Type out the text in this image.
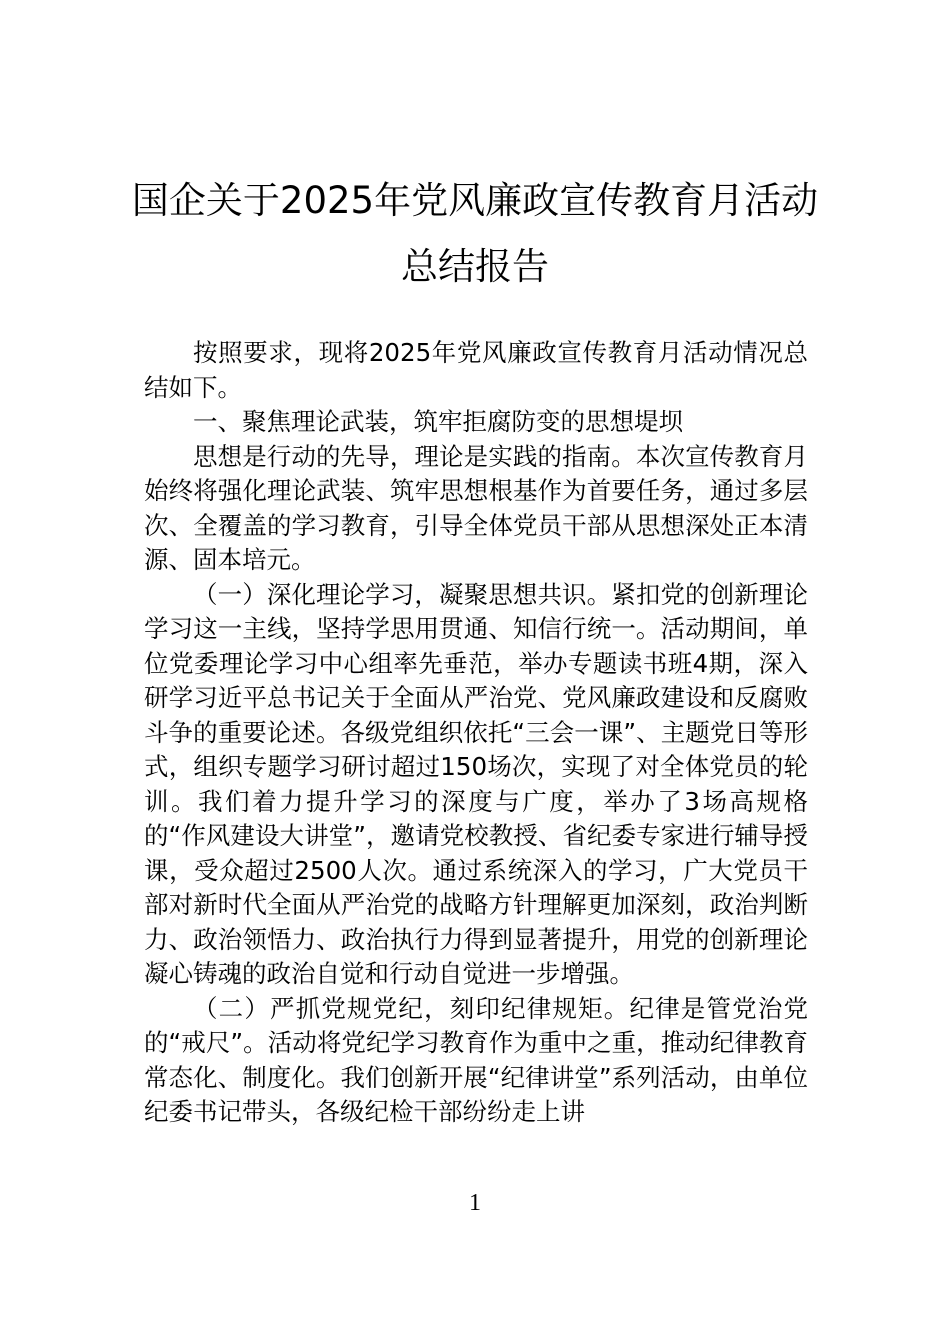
国企关于2025年党风廉政宣传教育月活动
总结报告

按照要求，现将2025年党风廉政宣传教育月活动情况总结如下。

一、聚焦理论武装，筑牢拒腐防变的思想堤坝

思想是行动的先导，理论是实践的指南。本次宣传教育月始终将强化理论武装、筑牢思想根基作为首要任务，通过多层次、全覆盖的学习教育，引导全体党员干部从思想深处正本清源、固本培元。

（一）深化理论学习，凝聚思想共识。紧扣党的创新理论学习这一主线，坚持学思用贯通、知信行统一。活动期间，单位党委理论学习中心组率先垂范，举办专题读书班4期，深入研学习近平总书记关于全面从严治党、党风廉政建设和反腐败斗争的重要论述。各级党组织依托“三会一课”、主题党日等形式，组织专题学习研讨超过150场次，实现了对全体党员的轮训。我们着力提升学习的深度与广度，举办了3场高规格的“作风建设大讲堂”，邀请党校教授、省纪委专家进行辅导授课，受众超过2500人次。通过系统深入的学习，广大党员干部对新时代全面从严治党的战略方针理解更加深刻，政治判断力、政治领悟力、政治执行力得到显著提升，用党的创新理论凝心铸魂的政治自觉和行动自觉进一步增强。

（二）严抓党规党纪，刻印纪律规矩。纪律是管党治党的“戒尺”。活动将党纪学习教育作为重中之重，推动纪律教育常态化、制度化。我们创新开展“纪律讲堂”系列活动，由单位纪委书记带头，各级纪检干部纷纷走上讲

1
